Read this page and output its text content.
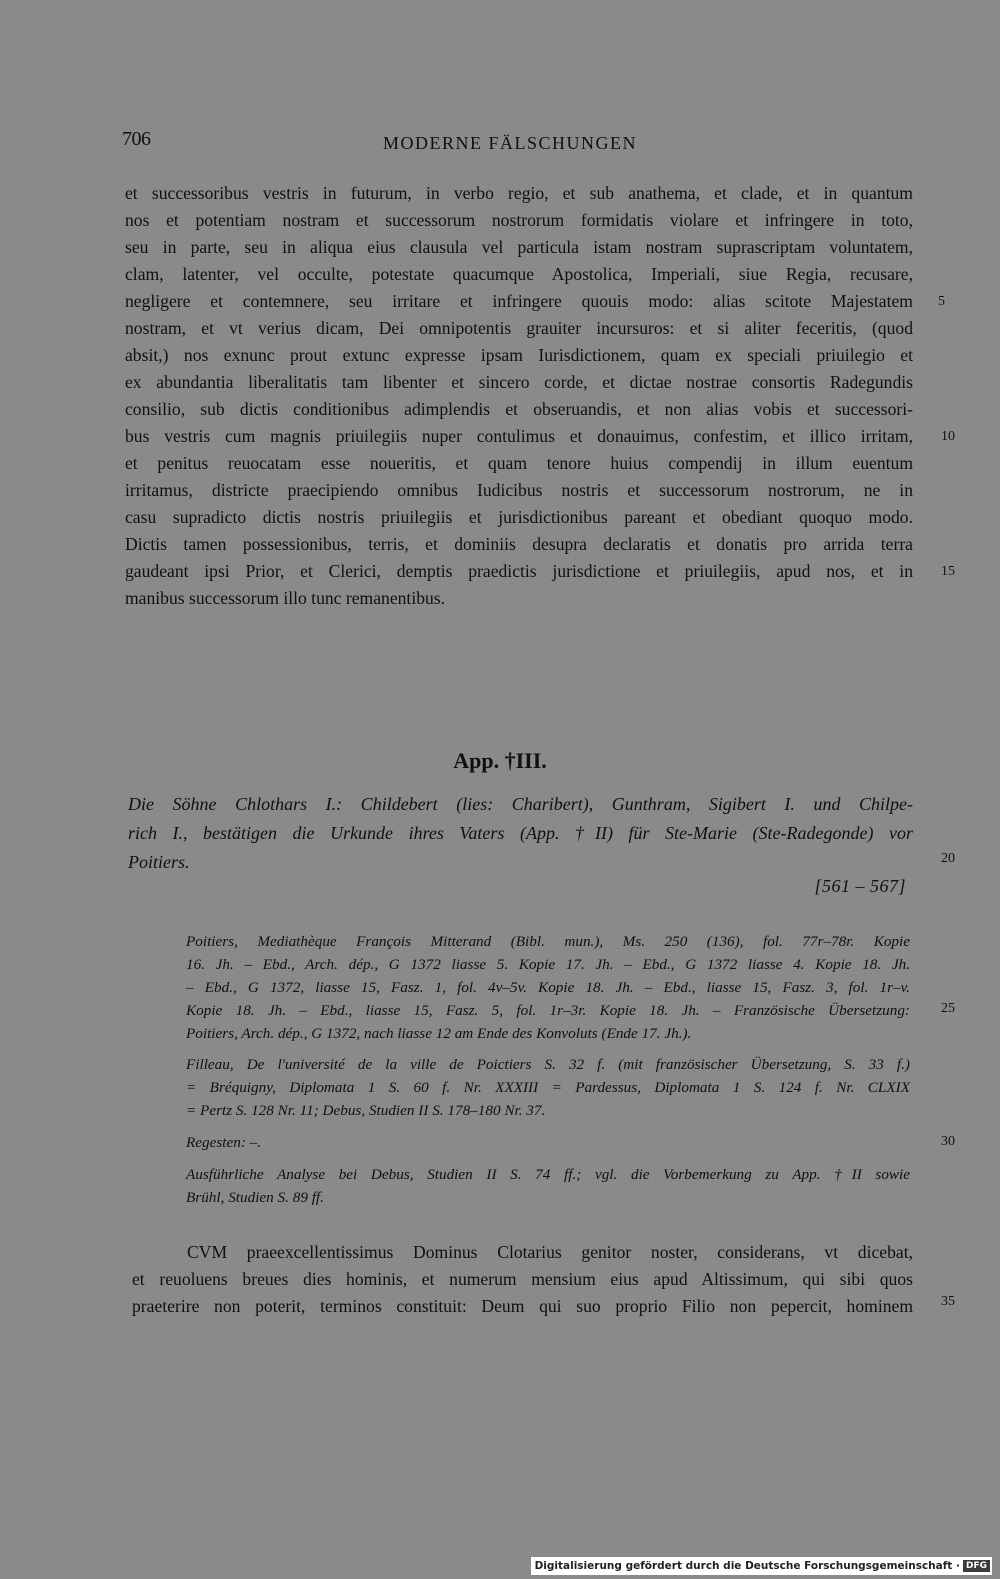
706	MODERNE FÄLSCHUNGEN
et successoribus vestris in futurum, in verbo regio, et sub anathema, et clade, et in quantum
nos et potentiam nostram et successorum nostrorum formidatis violare et infringere in toto,
seu in parte, seu in aliqua eius clausula vel particula istam nostram suprascriptam voluntatem,
clam, latenter, vel occulte, potestate quacumque Apostolica, Imperiali, siue Regia, recusare,
negligere et contemnere, seu irritare et infringere quouis modo: alias scitote Majestatem
nostram, et vt verius dicam, Dei omnipotentis grauiter incursuros: et si aliter feceritis, (quod
absit,) nos exnunc prout extunc expresse ipsam Iurisdictionem, quam ex speciali priuilegio et
ex abundantia liberalitatis tam libenter et sincero corde, et dictae nostrae consortis Radegundis
consilio, sub dictis conditionibus adimplendis et obseruandis, et non alias vobis et successori-
bus vestris cum magnis priuilegiis nuper contulimus et donauimus, confestim, et illico irritam,
et penitus reuocatam esse noueritis, et quam tenore huius compendij in illum euentum
irritamus, districte praecipiendo omnibus Iudicibus nostris et successorum nostrorum, ne in
casu supradicto dictis nostris priuilegiis et jurisdictionibus pareant et obediant quoquo modo.
Dictis tamen possessionibus, terris, et dominiis desupra declaratis et donatis pro arrida terra
gaudeant ipsi Prior, et Clerici, demptis praedictis jurisdictione et priuilegiis, apud nos, et in
manibus successorum illo tunc remanentibus.
5
10
15
20
25
30
35
App. †III.
Die Söhne Chlothars I.: Childebert (lies: Charibert), Gunthram, Sigibert I. und Chilpe-
rich I., bestätigen die Urkunde ihres Vaters (App. †II) für Ste-Marie (Ste-Radegonde) vor
Poitiers.
[561 – 567]
Poitiers, Mediathèque François Mitterand (Bibl. mun.), Ms. 250 (136), fol. 77r–78r. Kopie
16. Jh. – Ebd., Arch. dép., G 1372 liasse 5. Kopie 17. Jh. – Ebd., G 1372 liasse 4. Kopie 18. Jh.
– Ebd., G 1372, liasse 15, Fasz. 1, fol. 4v–5v. Kopie 18. Jh. – Ebd., liasse 15, Fasz. 3, fol. 1r–v.
Kopie 18. Jh. – Ebd., liasse 15, Fasz. 5, fol. 1r–3r. Kopie 18. Jh. – Französische Übersetzung:
Poitiers, Arch. dép., G 1372, nach liasse 12 am Ende des Konvoluts (Ende 17. Jh.).
Filleau, De l'université de la ville de Poictiers S. 32 f. (mit französischer Übersetzung, S. 33 f.)
= Bréquigny, Diplomata 1 S. 60 f. Nr. XXXIII = Pardessus, Diplomata 1 S. 124 f. Nr. CLXIX
= Pertz S. 128 Nr. 11; Debus, Studien II S. 178–180 Nr. 37.
Regesten: –.
Ausführliche Analyse bei Debus, Studien II S. 74 ff.; vgl. die Vorbemerkung zu App. †II sowie
Brühl, Studien S. 89 ff.
CVM praeexcellentissimus Dominus Clotarius genitor noster, considerans, vt dicebat,
et reuoluens breues dies hominis, et numerum mensium eius apud Altissimum, qui sibi quos
praeterire non poterit, terminos constituit: Deum qui suo proprio Filio non pepercit, hominem
Digitalisierung gefördert durch die Deutsche Forschungsgemeinschaft · DFG
